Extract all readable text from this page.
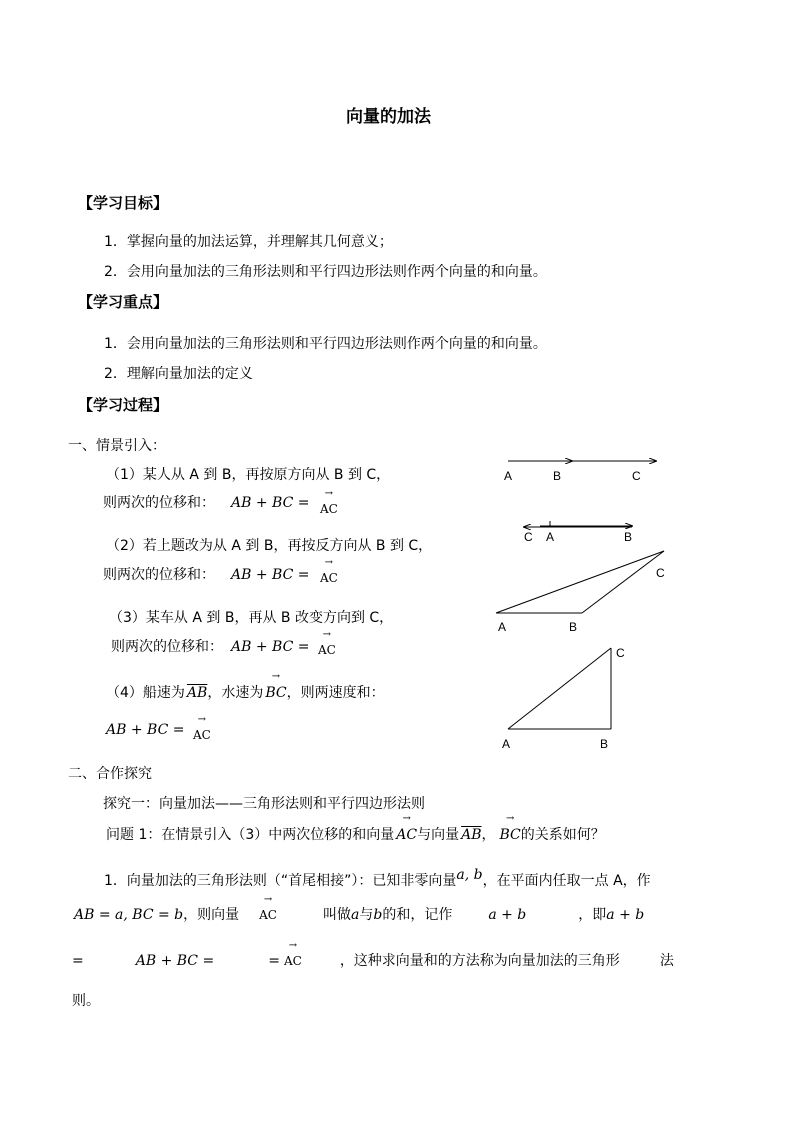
向量的加法
【学习目标】
1．掌握向量的加法运算，并理解其几何意义；
2．会用向量加法的三角形法则和平行四边形法则作两个向量的和向量。
【学习重点】
1．会用向量加法的三角形法则和平行四边形法则作两个向量的和向量。
2．理解向量加法的定义
【学习过程】
一、情景引入：
（1）某人从 A 到 B，再按原方向从 B 到 C，
则两次的位移和： AB + BC = → AC
（2）若上题改为从 A 到 B，再按反方向从 B 到 C，
则两次的位移和： AB + BC = → AC
（3）某车从 A 到 B，再从 B 改变方向到 C，
则两次的位移和： AB + BC = → AC
（4）船速为 $\overline{AB}$，水速为 → BC，则两速度和：
AB + BC = → AC
二、合作探究
探究一：向量加法——三角形法则和平行四边形法则
问题 1：在情景引入（3）中两次位移的和向量 → AC与向量 $\overline{AB}$， → BC的关系如何？
1．向量加法的三角形法则（“首尾相接”）：已知非零向量a, b，在平面内任取一点 A，作
AB = a, BC = b，则向量 → AC	叫做a与b的和，记作	a + b	，即a + b
=	AB + BC =	= → AC	，这种求向量和的方法称为向量加法的三角形	法
则。
A	B	C
C A	B
A	B
C
A	B
C
